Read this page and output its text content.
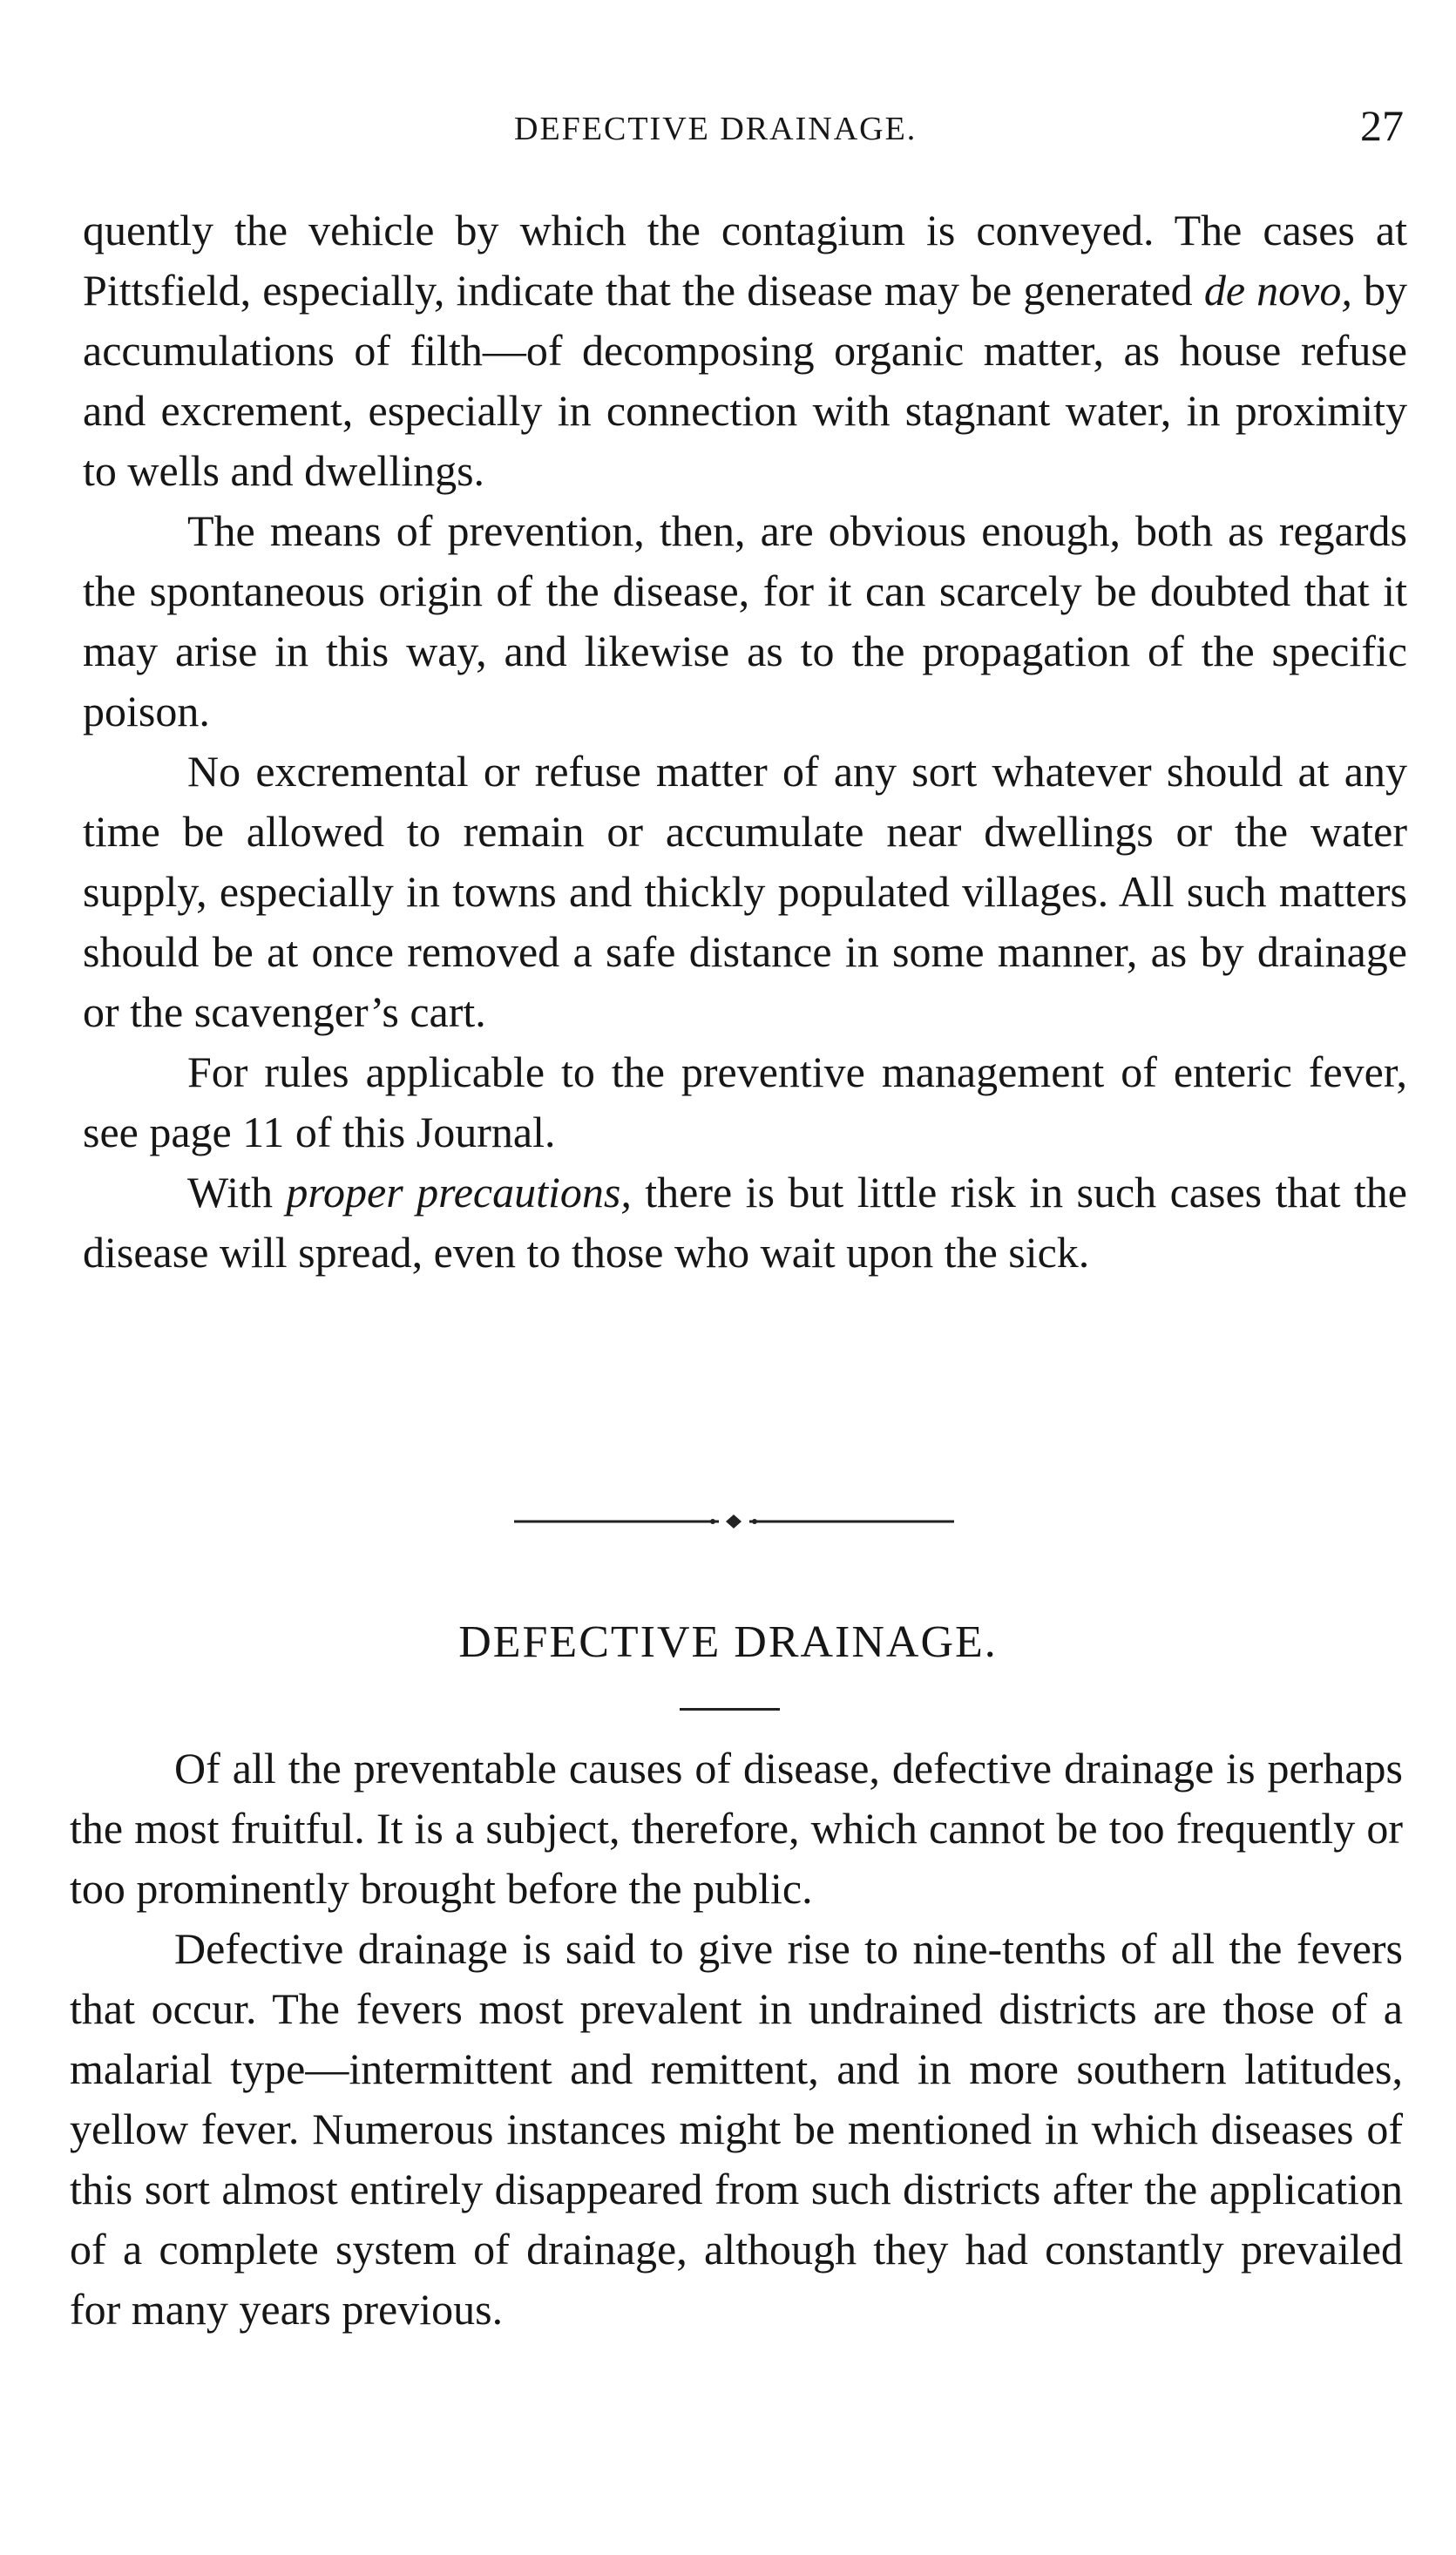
DEFECTIVE DRAINAGE.	27

quently the vehicle by which the contagium is conveyed. The cases at Pittsfield, especially, indicate that the disease may be generated de novo, by accumulations of filth—of decomposing organic matter, as house refuse and excrement, especially in connection with stagnant water, in proximity to wells and dwellings.

The means of prevention, then, are obvious enough, both as regards the spontaneous origin of the disease, for it can scarcely be doubted that it may arise in this way, and likewise as to the propagation of the specific poison.

No excremental or refuse matter of any sort whatever should at any time be allowed to remain or accumulate near dwellings or the water supply, especially in towns and thickly populated villages. All such matters should be at once removed a safe distance in some manner, as by drainage or the scavenger’s cart.

For rules applicable to the preventive management of enteric fever, see page 11 of this Journal.

With proper precautions, there is but little risk in such cases that the disease will spread, even to those who wait upon the sick.

DEFECTIVE DRAINAGE.

Of all the preventable causes of disease, defective drainage is perhaps the most fruitful. It is a subject, therefore, which cannot be too frequently or too prominently brought before the public.

Defective drainage is said to give rise to nine-tenths of all the fevers that occur. The fevers most prevalent in undrained districts are those of a malarial type—intermittent and remittent, and in more southern latitudes, yellow fever. Numerous instances might be mentioned in which diseases of this sort almost entirely disappeared from such districts after the application of a complete system of drainage, although they had constantly prevailed for many years previous.
